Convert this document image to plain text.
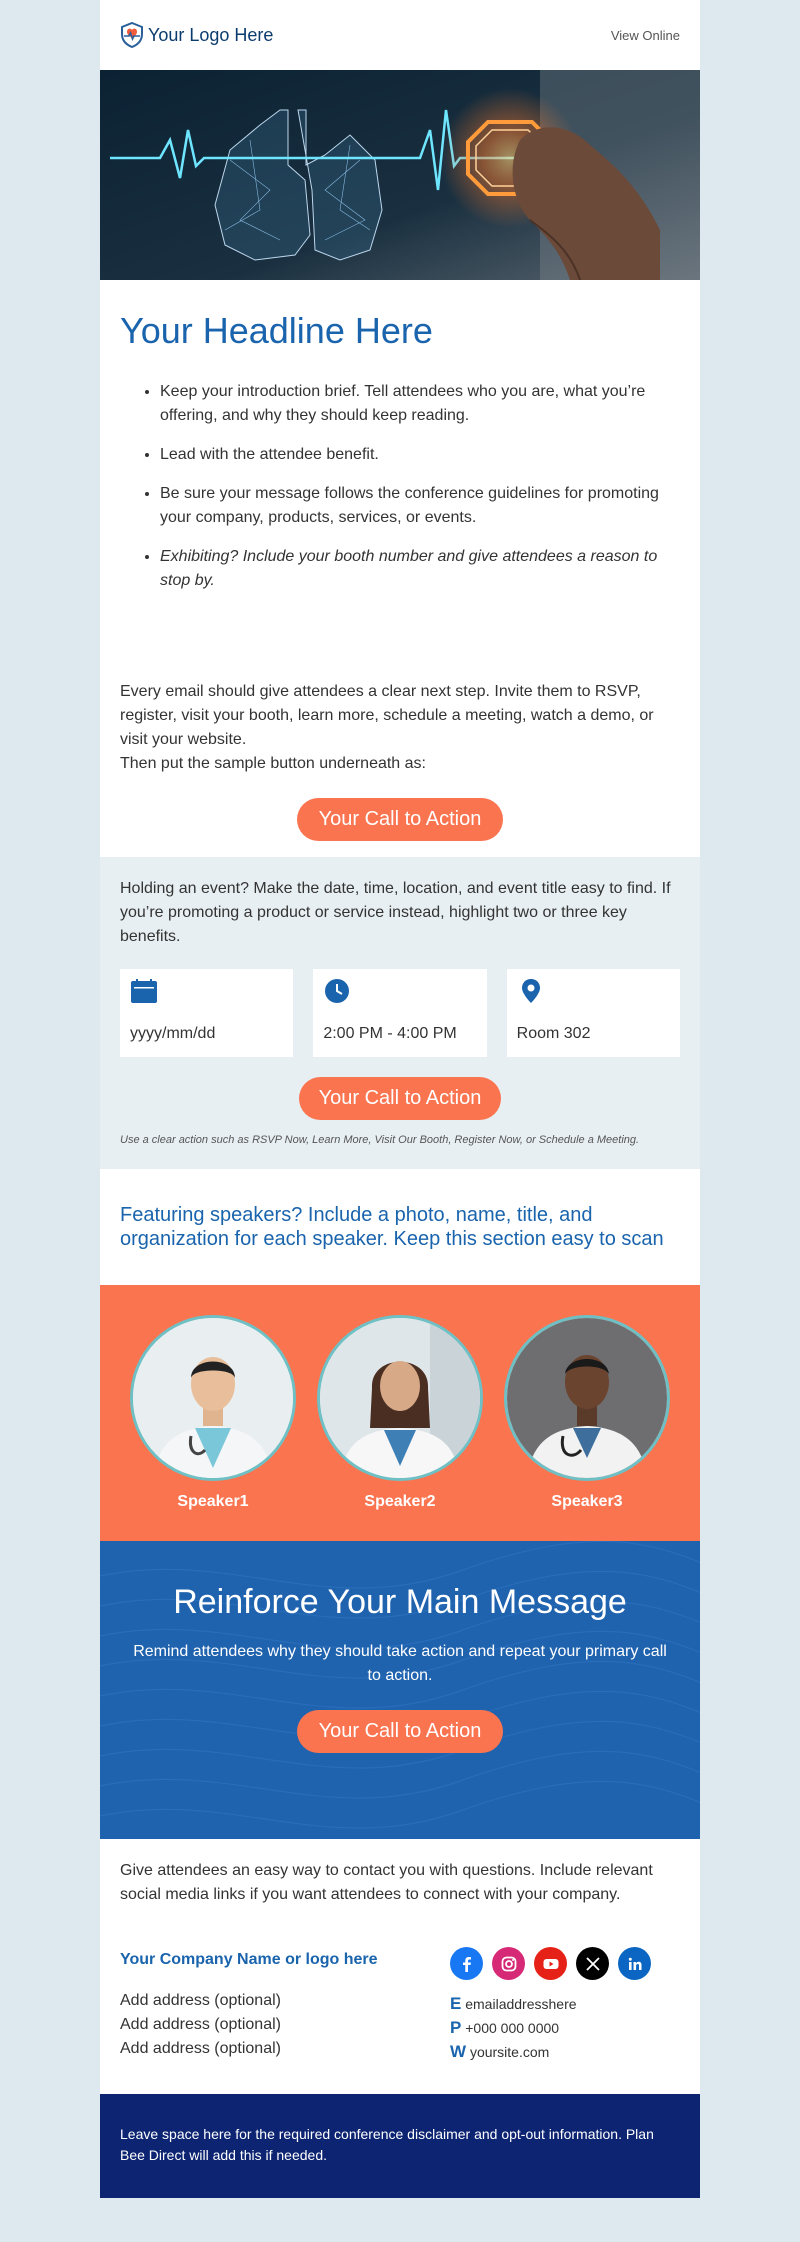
Your Logo Here	View Online
Your Headline Here
• Keep your introduction brief. Tell attendees who you are, what you’re offering, and why they should keep reading.
• Lead with the attendee benefit.
• Be sure your message follows the conference guidelines for promoting your company, products, services, or events.
• Exhibiting? Include your booth number and give attendees a reason to stop by.
Every email should give attendees a clear next step. Invite them to RSVP, register, visit your booth, learn more, schedule a meeting, watch a demo, or visit your website.
Then put the sample button underneath as:
Your Call to Action
Holding an event? Make the date, time, location, and event title easy to find. If you’re promoting a product or service instead, highlight two or three key benefits.
yyyy/mm/dd	2:00 PM - 4:00 PM	Room 302
Your Call to Action
Use a clear action such as RSVP Now, Learn More, Visit Our Booth, Register Now, or Schedule a Meeting.
Featuring speakers? Include a photo, name, title, and organization for each speaker. Keep this section easy to scan
Speaker1	Speaker2	Speaker3
Reinforce Your Main Message

Remind attendees why they should take action and repeat your primary call to action.

Your Call to Action
Give attendees an easy way to contact you with questions. Include relevant social media links if you want attendees to connect with your company.
Your Company Name or logo here
Add address (optional)
Add address (optional)
Add address (optional)
E emailaddresshere
P +000 000 0000
W yoursite.com
Leave space here for the required conference disclaimer and opt-out information. Plan Bee Direct will add this if needed.
